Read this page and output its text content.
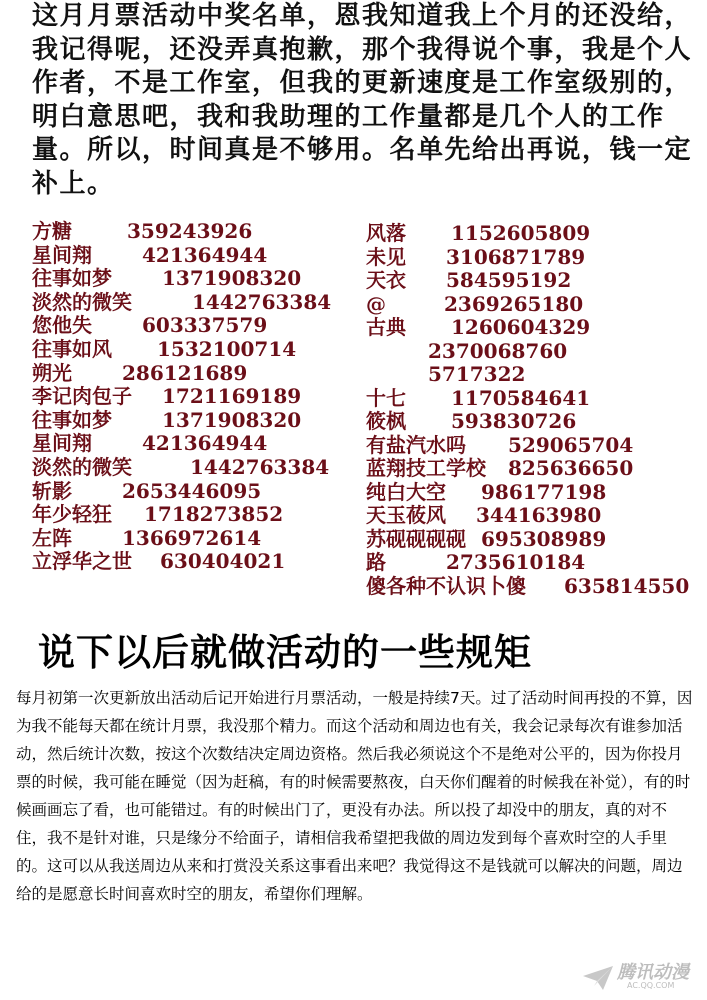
这月月票活动中奖名单，恩我知道我上个月的还没给，我记得呢，还没弄真抱歉，那个我得说个事，我是个人作者，不是工作室，但我的更新速度是工作室级别的，明白意思吧，我和我助理的工作量都是几个人的工作量。所以，时间真是不够用。名单先给出再说，钱一定补上。
方糖	359243926
星间翔	421364944
往事如梦	1371908320
淡然的微笑	1442763384
您他失	603337579
往事如风 1532100714
朔光	286121689
李记肉包子 1721169189
往事如梦	1371908320
星间翔	421364944
淡然的微笑	1442763384
斩影	2653446095
年少轻狂 1718273852
左阵	1366972614
立浮华之世 630404021
风落 1152605809
未见 3106871789
天衣 584595192
@	2369265180
古典 1260604329
2370068760
5717322
十七 1170584641
筱枫 593830726
有盐汽水吗 529065704
蓝翔技工学校 825636650
纯白大空 986177198
天玉莜风 344163980
苏砚砚砚砚 695308989
路	2735610184
傻各种不认识卜傻 635814550
说下以后就做活动的一些规矩
每月初第一次更新放出活动后记开始进行月票活动，一般是持续7天。过了活动时间再投的不算，因为我不能每天都在统计月票，我没那个精力。而这个活动和周边也有关，我会记录每次有谁参加活动，然后统计次数，按这个次数结决定周边资格。然后我必须说这个不是绝对公平的，因为你投月票的时候，我可能在睡觉（因为赶稿，有的时候需要熬夜，白天你们醒着的时候我在补觉），有的时候画画忘了看，也可能错过。有的时候出门了，更没有办法。所以投了却没中的朋友，真的对不住，我不是针对谁，只是缘分不给面子，请相信我希望把我做的周边发到每个喜欢时空的人手里的。这可以从我送周边从来和打赏没关系这事看出来吧？我觉得这不是钱就可以解决的问题，周边给的是愿意长时间喜欢时空的朋友，希望你们理解。
腾讯动漫
AC.QQ.COM
